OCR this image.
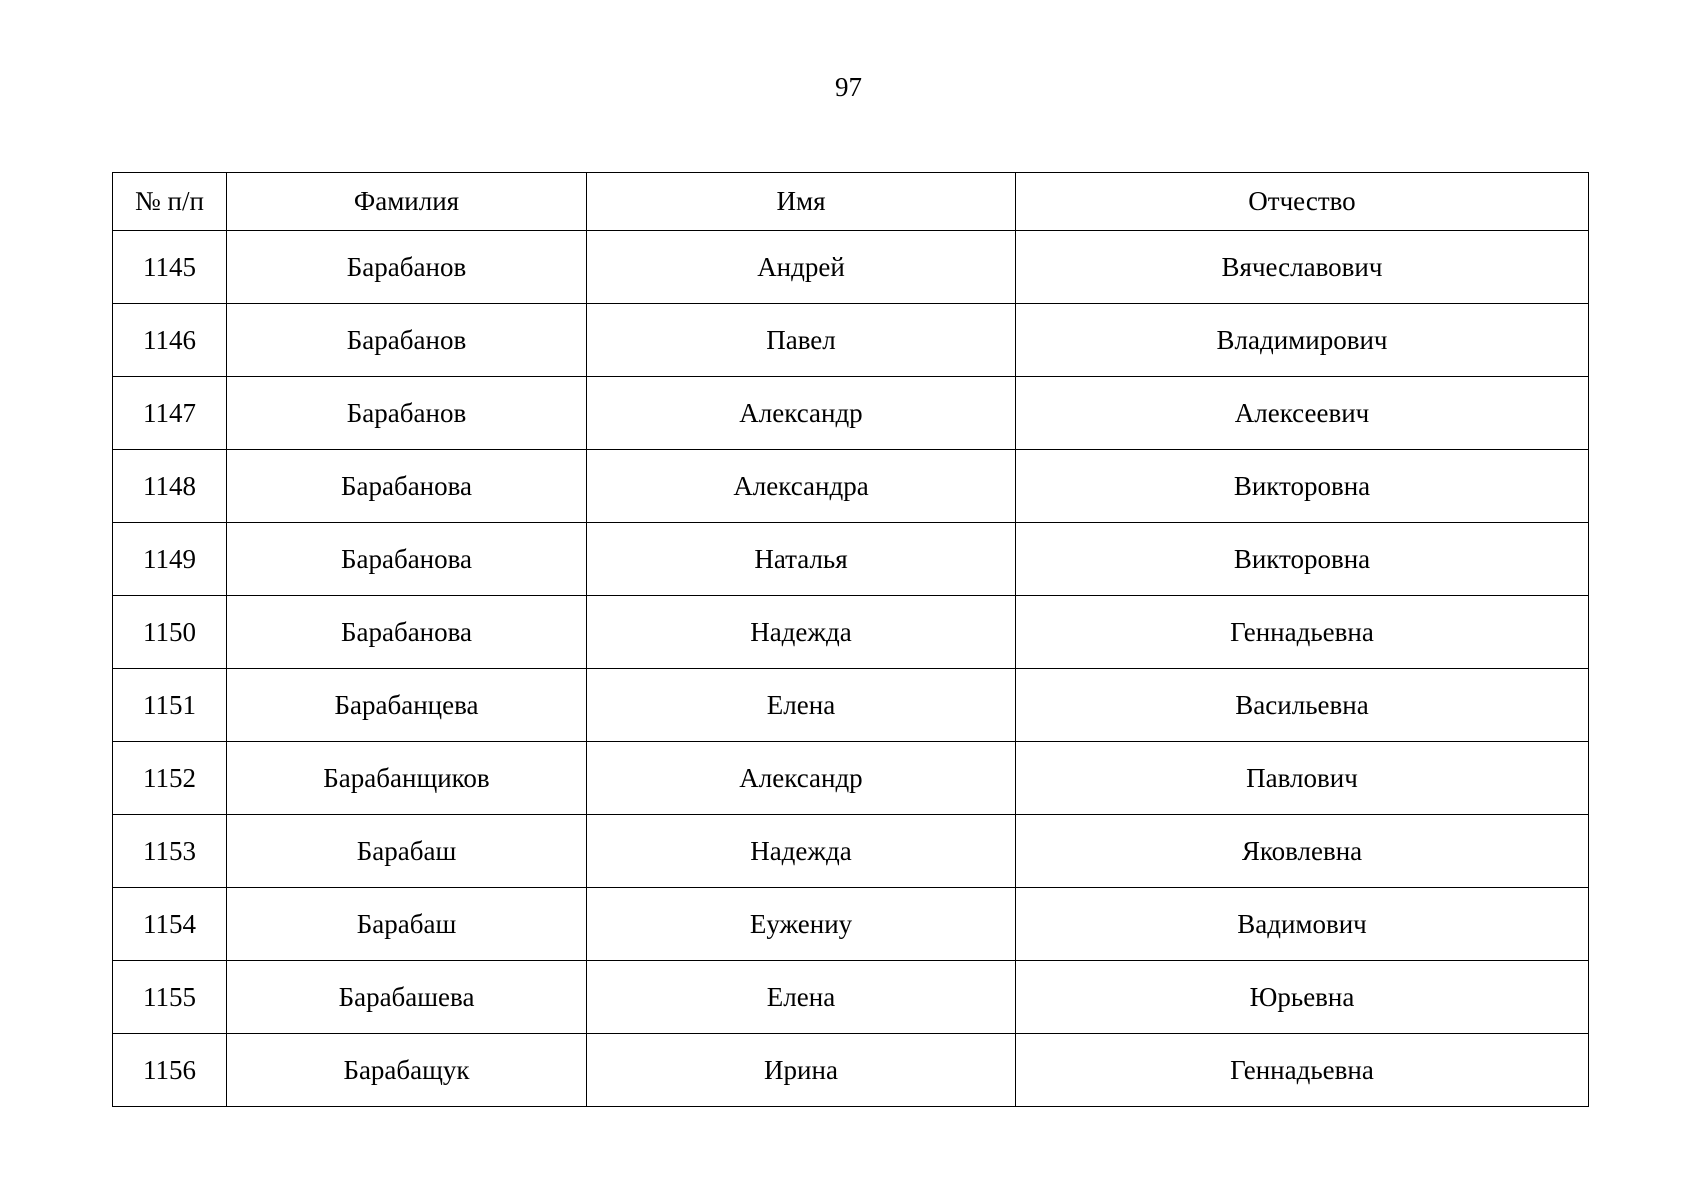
97
№ п/п	Фамилия	Имя	Отчество
1145	Барабанов	Андрей	Вячеславович
1146	Барабанов	Павел	Владимирович
1147	Барабанов	Александр	Алексеевич
1148	Барабанова	Александра	Викторовна
1149	Барабанова	Наталья	Викторовна
1150	Барабанова	Надежда	Геннадьевна
1151	Барабанцева	Елена	Васильевна
1152	Барабанщиков	Александр	Павлович
1153	Барабаш	Надежда	Яковлевна
1154	Барабаш	Еужениу	Вадимович
1155	Барабашева	Елена	Юрьевна
1156	Барабащук	Ирина	Геннадьевна
